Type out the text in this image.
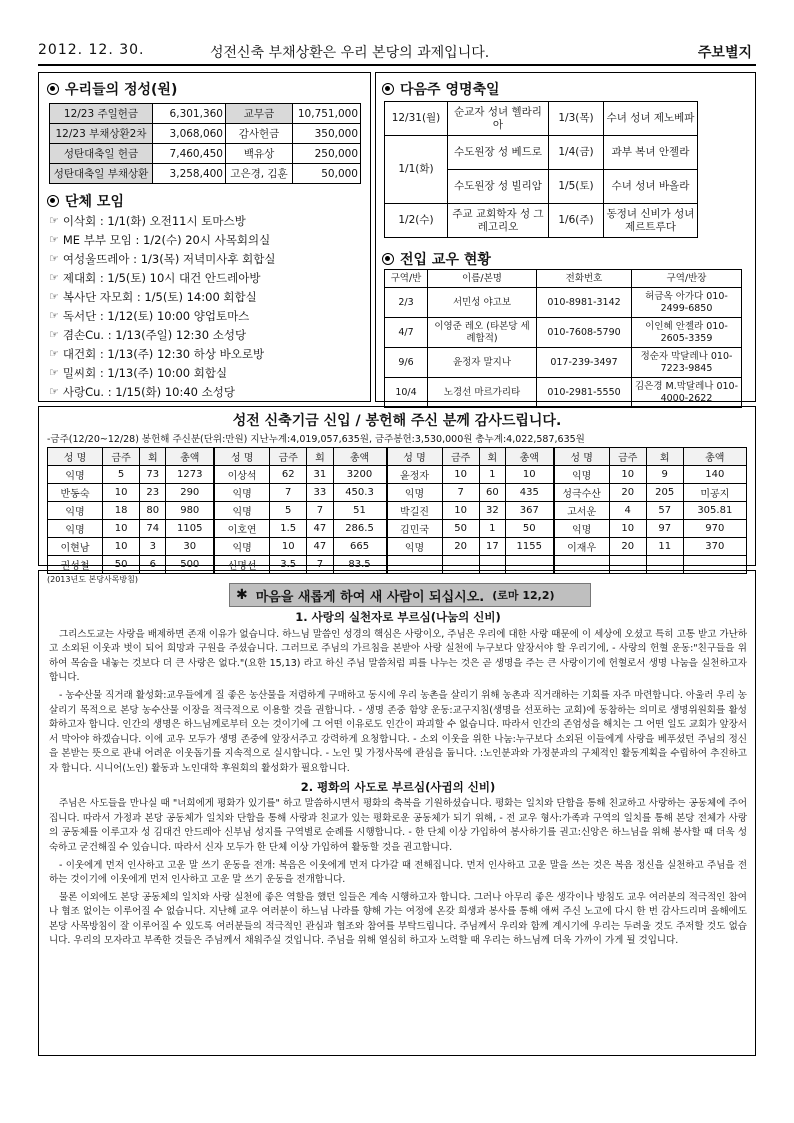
2012. 12. 30.	성전신축 부채상환은 우리 본당의 과제입니다.	주보별지
우리들의 정성(원)
12/23 주일헌금	6,301,360	교무금	10,751,000
12/23 부채상환2차	3,068,060	감사헌금	350,000
성탄대축일 헌금	7,460,450	백유상	250,000
성탄대축일 부채상환	3,258,400	고은경, 김훈	50,000
단체 모임
☞ 이삭회 : 1/1(화) 오전11시 토마스방
☞ ME 부부 모임 : 1/2(수) 20시 사목회의실
☞ 여성울뜨레아 : 1/3(목) 저녁미사후 회합실
☞ 제대회 : 1/5(토) 10시 대건 안드레아방
☞ 복사단 자모회 : 1/5(토) 14:00 회합실
☞ 독서단 : 1/12(토) 10:00 양업토마스
☞ 겸손Cu. : 1/13(주일) 12:30 소성당
☞ 대건회 : 1/13(주) 12:30 하상 바오로방
☞ 밀씨회 : 1/13(주) 10:00 회합실
☞ 사랑Cu. : 1/15(화) 10:40 소성당
다음주 영명축일
12/31(월)	순교자 성녀 헬라리아	1/3(목)	수녀 성녀 제노베파
1/1(화)	수도원장 성 베드로	1/4(금)	과부 복녀 안젤라
	수도원장 성 빌리암	1/5(토)	수녀 성녀 바올라
1/2(수)	주교 교회학자 성 그레고리오	1/6(주)	동정녀 신비가 성녀 제르트루다
전입 교우 현황
구역/반	이름/본명	전화번호	구역/반장
2/3	서민성 야고보	010-8981-3142	허금옥 아가다 010-2499-6850
4/7	이영준 레오 (타본당 세례합적)	010-7608-5790	이인혜 안젤라 010-2605-3359
9/6	윤정자 말지나	017-239-3497	정순자 막달레나 010-7223-9845
10/4	노경선 마르가리타	010-2981-5550	김은경 M.막달레나 010-4000-2622
성전 신축기금 신입 / 봉헌해 주신 분께 감사드립니다.
-금주(12/20~12/28) 봉헌해 주신분(단위:만원) 지난누계:4,019,057,635원, 금주봉헌:3,530,000원 총누계:4,022,587,635원
성 명	금주	회	총액	성 명	금주	회	총액	성 명	금주	회	총액	성 명	금주	회	총액
익명	5	73	1273	이상석	62	31	3200	윤정자	10	1	10	익명	10	9	140
반동숙	10	23	290	익명	7	33	450.3	익명	7	60	435	성극수산	20	205	미공지
익명	18	80	980	익명	5	7	51	박길진	10	32	367	고서운	4	57	305.81
익명	10	74	1105	이호연	1.5	47	286.5	김민국	50	1	50	익명	10	97	970
이현남	10	3	30	익명	10	47	665	익명	20	17	1155	이재우	20	11	370
권성철	50	6	500	신명선	3.5	7	83.5								
(2013년도 본당사목방침)
✱ 마음을 새롭게 하여 새 사람이 되십시오. (로마 12,2)
1. 사랑의 실천자로 부르심(나눔의 신비)

그리스도교는 사랑을 배제하면 존재 이유가 없습니다. 하느님 말씀인 성경의 핵심은 사랑이오, 주님은 우리에 대한 사랑 때문에 이 세상에 오셨고 특히 고통 받고 가난하고 소외된 이웃과 벗이 되어 희망과 구원을 주셨습니다. 그러므로 주님의 가르침을 본받아 사랑 실천에 누구보다 앞장서야 할 우리기에, - 사랑의 헌혈 운동:"친구들을 위하여 목숨을 내놓는 것보다 더 큰 사랑은 없다."(요한 15,13) 라고 하신 주님 말씀처럼 피를 나누는 것은 곧 생명을 주는 큰 사랑이기에 헌혈로서 생명 나눔을 실천하고자 합니다.

- 농수산물 직거래 활성화:교우들에게 질 좋은 농산물을 저렴하게 구매하고 동시에 우리 농촌을 살리기 위해 농촌과 직거래하는 기회를 자주 마련합니다. 아울러 우리 농 살리기 목적으로 본당 농수산물 이장을 적극적으로 이용할 것을 권합니다. - 생명 존중 함양 운동:교구지침(생명을 선포하는 교회)에 동참하는 의미로 생명위원회를 활성화하고자 합니다. 인간의 생명은 하느님께로부터 오는 것이기에 그 어떤 이유로도 인간이 파괴할 수 없습니다. 따라서 인간의 존엄성을 해치는 그 어떤 일도 교회가 앞장서서 막아야 하겠습니다. 이에 교우 모두가 생명 존중에 앞장서주고 강력하게 요청합니다. - 소외 이웃을 위한 나눔:누구보다 소외된 이들에게 사랑을 베푸셨던 주님의 정신을 본받는 뜻으로 관내 어려운 이웃돕기를 지속적으로 실시합니다. - 노인 및 가정사목에 관심을 둡니다. :노인분과와 가정분과의 구체적인 활동계획을 수립하여 추진하고자 합니다. 시니어(노인) 활동과 노인대학 후원회의 활성화가 필요합니다.

2. 평화의 사도로 부르심(사귐의 신비)

주님은 사도들을 만나실 때 "너희에게 평화가 있기를" 하고 말씀하시면서 평화의 축복을 기원하셨습니다. 평화는 일치와 단합을 통해 친교하고 사랑하는 공동체에 주어집니다. 따라서 가정과 본당 공동체가 일치와 단합을 통해 사랑과 친교가 있는 평화로운 공동체가 되기 위해, - 전 교우 형사:가족과 구역의 일치를 통해 본당 전체가 사랑의 공동체를 이루고자 성 김대건 안드레아 신부님 성지를 구역별로 순례를 시행합니다. - 한 단체 이상 가입하여 봉사하기를 권고:신앙은 하느님을 위해 봉사할 때 더욱 성숙하고 굳건해질 수 있습니다. 따라서 신자 모두가 한 단체 이상 가입하여 활동할 것을 권고합니다.

- 이웃에게 먼저 인사하고 고운 말 쓰기 운동을 전개: 복음은 이웃에게 먼저 다가갈 때 전해집니다. 먼저 인사하고 고운 말을 쓰는 것은 복음 정신을 실천하고 주님을 전하는 것이기에 이웃에게 먼저 인사하고 고운 말 쓰기 운동을 전개합니다.

물론 이외에도 본당 공동체의 일치와 사랑 실천에 좋은 역할을 했던 일들은 계속 시행하고자 합니다. 그러나 아무리 좋은 생각이나 방침도 교우 여러분의 적극적인 참여나 협조 없이는 이루어질 수 없습니다. 지난해 교우 여러분이 하느님 나라를 향해 가는 여정에 온갖 희생과 봉사를 통해 애써 주신 노고에 다시 한 번 감사드리며 올해에도 본당 사목방침이 잘 이루어질 수 있도록 여러분들의 적극적인 관심과 협조와 참여를 부탁드립니다. 주님께서 우리와 함께 계시기에 우리는 두려울 것도 주저할 것도 없습니다. 우리의 모자라고 부족한 것들은 주님께서 채워주실 것입니다. 주님을 위해 열심히 하고자 노력할 때 우리는 하느님께 더욱 가까이 가게 될 것입니다.
